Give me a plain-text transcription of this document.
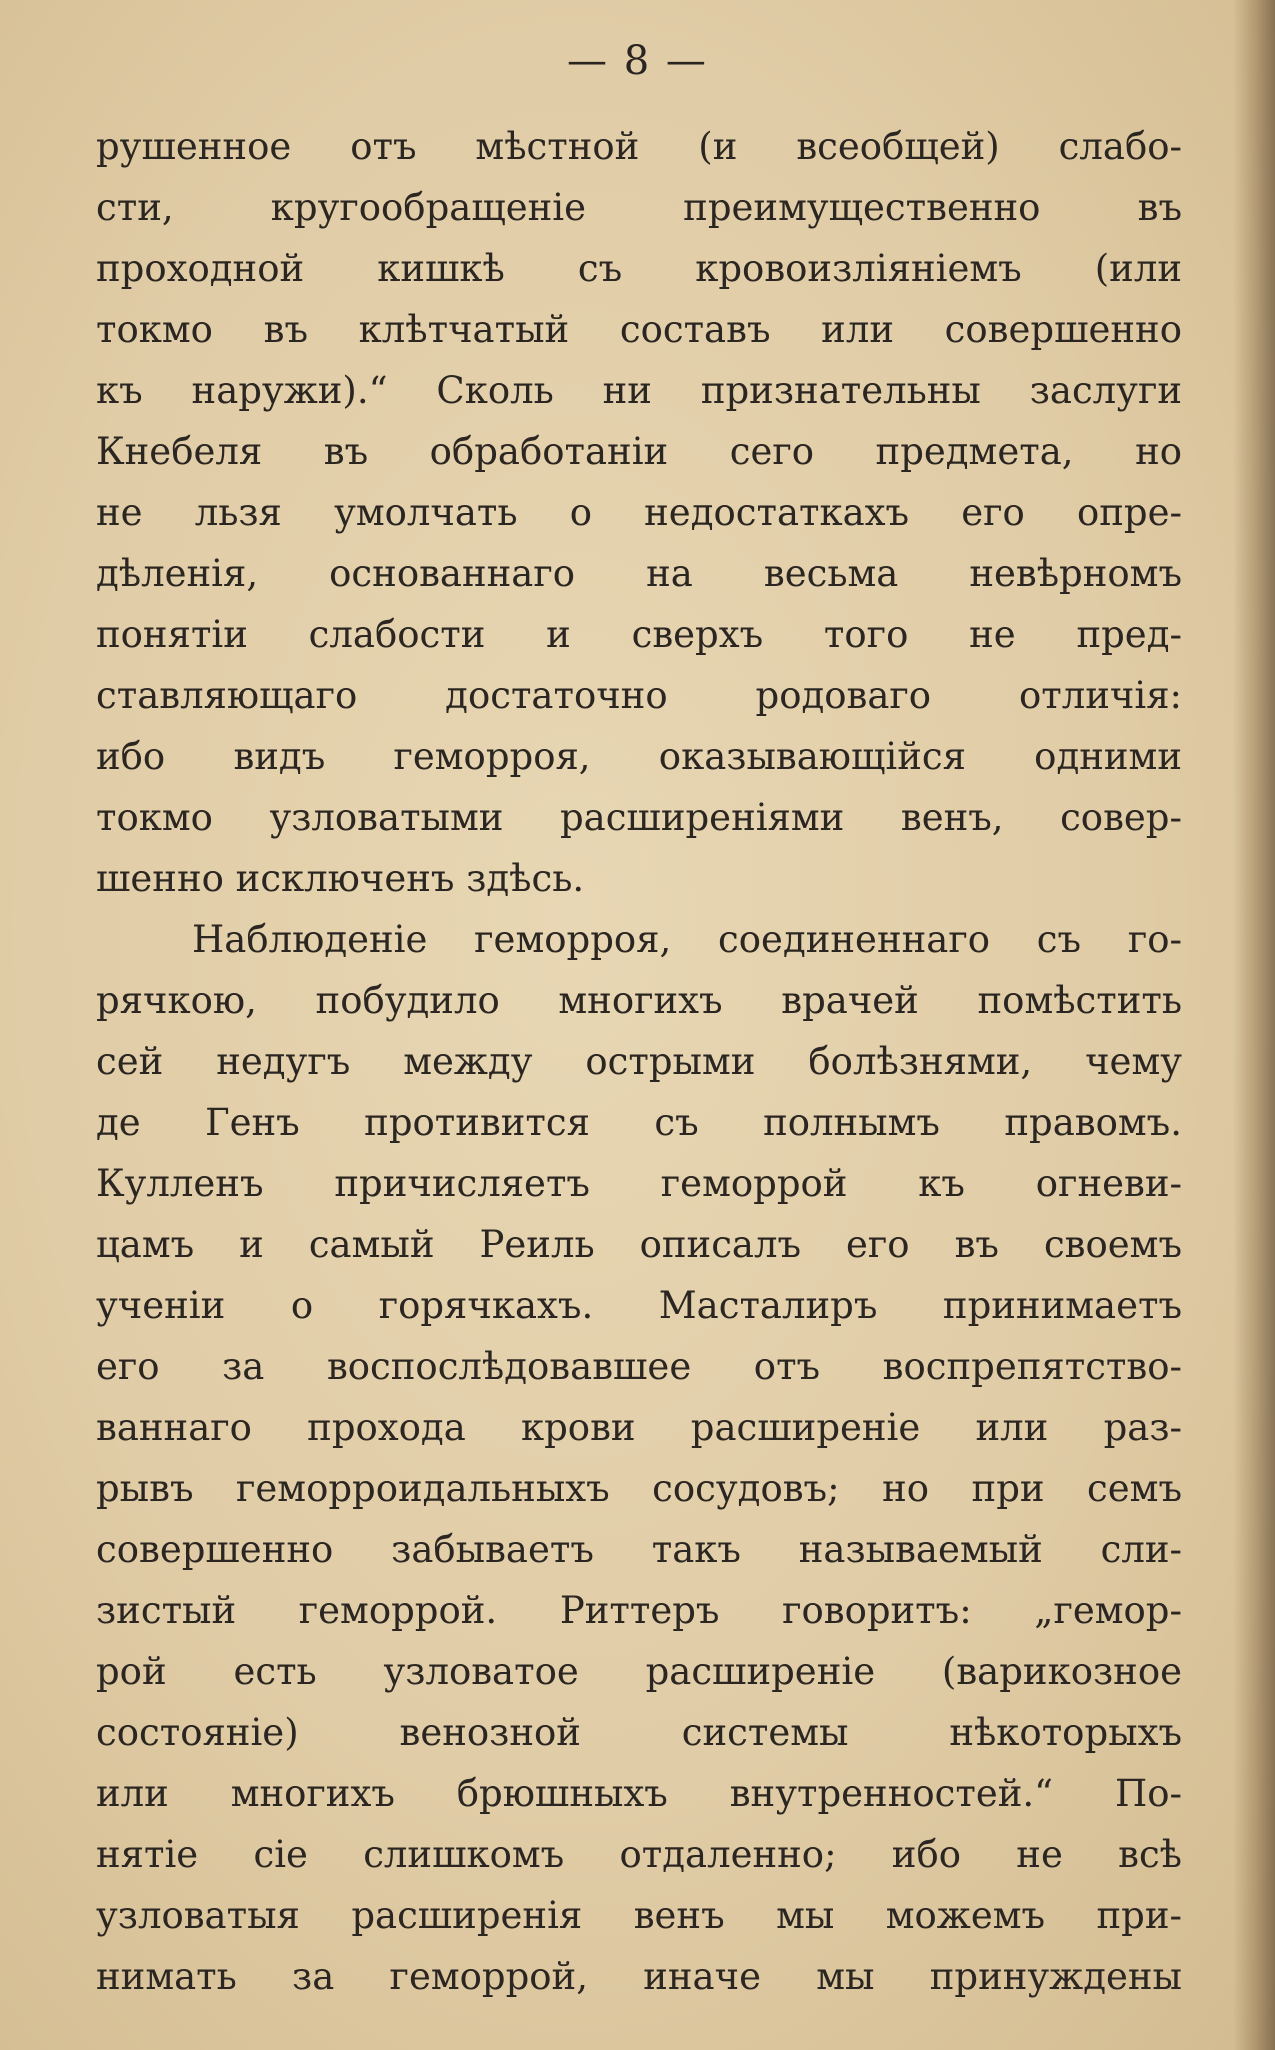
— 8 —
рушенное отъ мѣстной (и всеобщей) слабо-
сти, кругообращеніе преимущественно въ
проходной кишкѣ съ кровоизліяніемъ (или
токмо въ клѣтчатый составъ или совершенно
къ наружи).“ Сколь ни признательны заслуги
Кнебеля въ обработаніи сего предмета, но
не льзя умолчать о недостаткахъ его опре-
дѣленія, основаннаго на весьма невѣрномъ
понятіи слабости и сверхъ того не пред-
ставляющаго достаточно родоваго отличія:
ибо видъ геморроя, оказывающійся одними
токмо узловатыми расширеніями венъ, совер-
шенно исключенъ здѣсь.
Наблюденіе геморроя, соединеннаго съ го-
рячкою, побудило многихъ врачей помѣстить
сей недугъ между острыми болѣзнями, чему
де Генъ противится съ полнымъ правомъ.
Кулленъ причисляетъ геморрой къ огневи-
цамъ и самый Реиль описалъ его въ своемъ
ученіи о горячкахъ. Масталиръ принимаетъ
его за воспослѣдовавшее отъ воспрепятство-
ваннаго прохода крови расширеніе или раз-
рывъ геморроидальныхъ сосудовъ; но при семъ
совершенно забываетъ такъ называемый сли-
зистый геморрой. Риттеръ говоритъ: „гемор-
рой есть узловатое расширеніе (варикозное
состояніе) венозной системы нѣкоторыхъ
или многихъ брюшныхъ внутренностей.“ По-
нятіе сіе слишкомъ отдаленно; ибо не всѣ
узловатыя расширенія венъ мы можемъ при-
нимать за геморрой, иначе мы принуждены
